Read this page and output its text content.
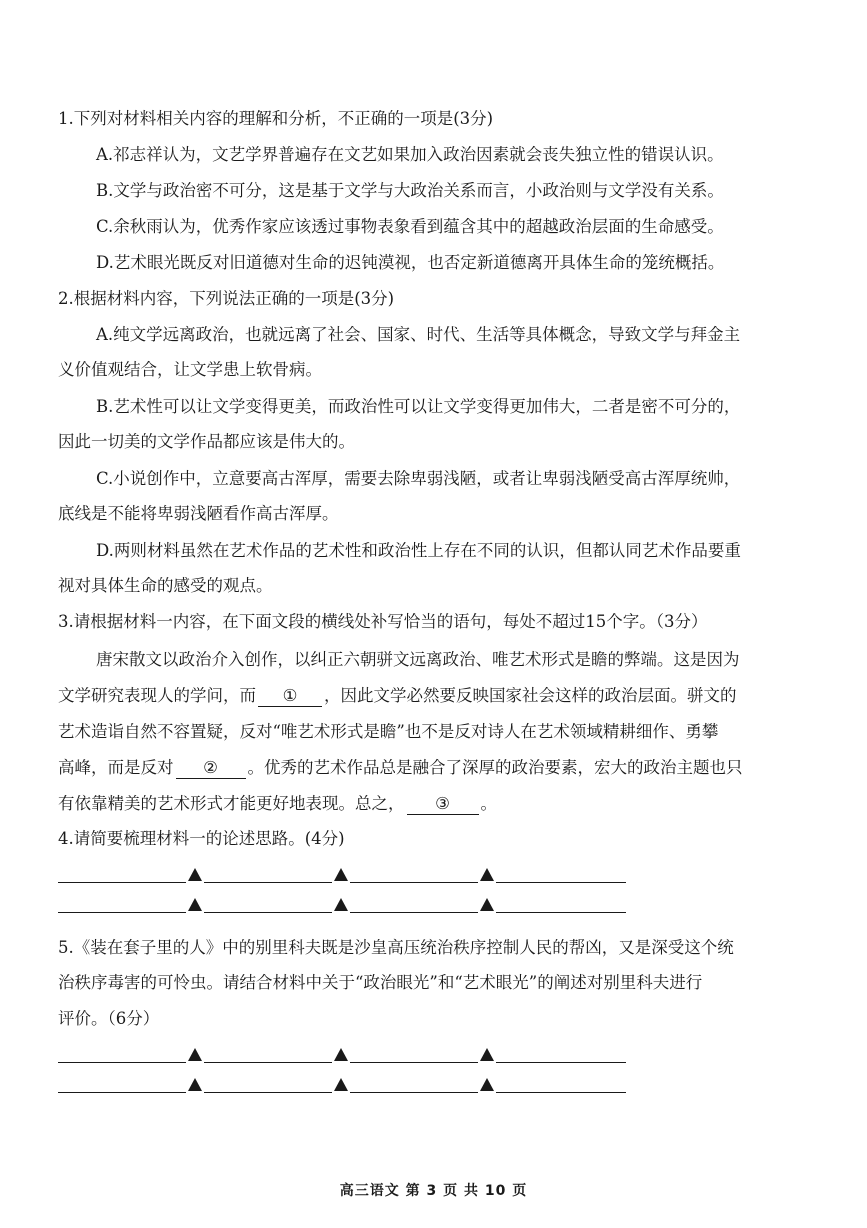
1.下列对材料相关内容的理解和分析，不正确的一项是(3分)
A.祁志祥认为，文艺学界普遍存在文艺如果加入政治因素就会丧失独立性的错误认识。
B.文学与政治密不可分，这是基于文学与大政治关系而言，小政治则与文学没有关系。
C.余秋雨认为，优秀作家应该透过事物表象看到蕴含其中的超越政治层面的生命感受。
D.艺术眼光既反对旧道德对生命的迟钝漠视，也否定新道德离开具体生命的笼统概括。
2.根据材料内容，下列说法正确的一项是(3分)
A.纯文学远离政治，也就远离了社会、国家、时代、生活等具体概念，导致文学与拜金主
义价值观结合，让文学患上软骨病。
B.艺术性可以让文学变得更美，而政治性可以让文学变得更加伟大，二者是密不可分的，
因此一切美的文学作品都应该是伟大的。
C.小说创作中，立意要高古浑厚，需要去除卑弱浅陋，或者让卑弱浅陋受高古浑厚统帅，
底线是不能将卑弱浅陋看作高古浑厚。
D.两则材料虽然在艺术作品的艺术性和政治性上存在不同的认识，但都认同艺术作品要重
视对具体生命的感受的观点。
3.请根据材料一内容，在下面文段的横线处补写恰当的语句，每处不超过15个字。（3分）
唐宋散文以政治介入创作，以纠正六朝骈文远离政治、唯艺术形式是瞻的弊端。这是因为
文学研究表现人的学问，而 ① ，因此文学必然要反映国家社会这样的政治层面。骈文的
艺术造诣自然不容置疑，反对“唯艺术形式是瞻”也不是反对诗人在艺术领域精耕细作、勇攀
高峰，而是反对 ② 。优秀的艺术作品总是融合了深厚的政治要素，宏大的政治主题也只
有依靠精美的艺术形式才能更好地表现。总之， ③ 。
4.请简要梳理材料一的论述思路。(4分)
5.《装在套子里的人》中的别里科夫既是沙皇高压统治秩序控制人民的帮凶，又是深受这个统
治秩序毒害的可怜虫。请结合材料中关于“政治眼光”和“艺术眼光”的阐述对别里科夫进行
评价。（6分）
高三语文 第 3 页 共 10 页
